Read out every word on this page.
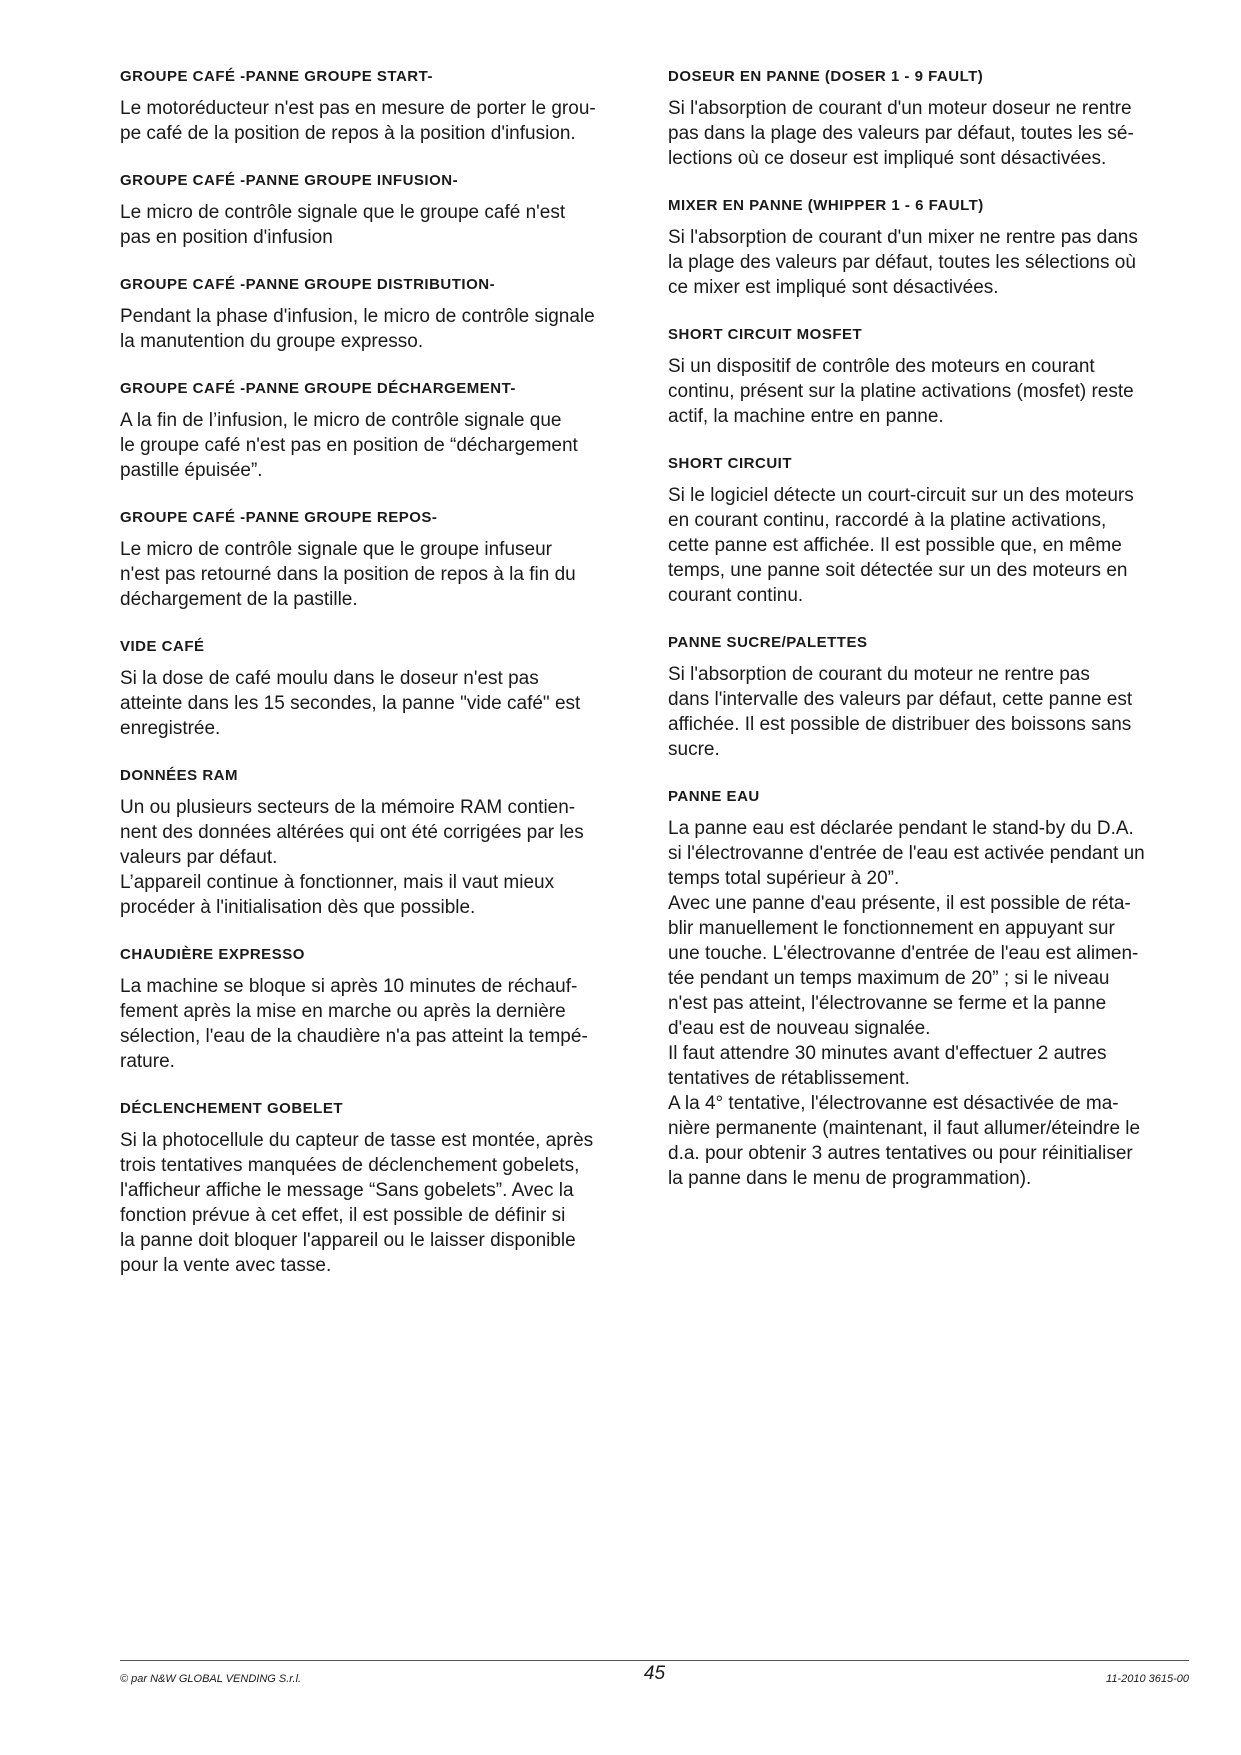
GROUPE CAFÉ -PANNE GROUPE START-

Le motoréducteur n'est pas en mesure de porter le grou-
pe café de la position de repos à la position d'infusion.

GROUPE CAFÉ -PANNE GROUPE INFUSION-

Le micro de contrôle signale que le groupe café n'est
pas en position d'infusion

GROUPE CAFÉ -PANNE GROUPE DISTRIBUTION-

Pendant la phase d'infusion, le micro de contrôle signale
la manutention du groupe expresso.

GROUPE CAFÉ -PANNE GROUPE DÉCHARGEMENT-

A la fin de l’infusion, le micro de contrôle signale que
le groupe café n'est pas en position de “déchargement
pastille épuisée”.

GROUPE CAFÉ -PANNE GROUPE REPOS-

Le micro de contrôle signale que le groupe infuseur
n'est pas retourné dans la position de repos à la fin du
déchargement de la pastille.

VIDE CAFÉ

Si la dose de café moulu dans le doseur n'est pas
atteinte dans les 15 secondes, la panne "vide café" est
enregistrée.

DONNÉES RAM

Un ou plusieurs secteurs de la mémoire RAM contien-
nent des données altérées qui ont été corrigées par les
valeurs par défaut.
L’appareil continue à fonctionner, mais il vaut mieux
procéder à l'initialisation dès que possible.

CHAUDIÈRE EXPRESSO

La machine se bloque si après 10 minutes de réchauf-
fement après la mise en marche ou après la dernière
sélection, l'eau de la chaudière n'a pas atteint la tempé-
rature.

DÉCLENCHEMENT GOBELET

Si la photocellule du capteur de tasse est montée, après
trois tentatives manquées de déclenchement gobelets,
l'afficheur affiche le message “Sans gobelets”. Avec la
fonction prévue à cet effet, il est possible de définir si
la panne doit bloquer l'appareil ou le laisser disponible
pour la vente avec tasse.

DOSEUR EN PANNE (DOSER 1 - 9 FAULT)

Si l'absorption de courant d'un moteur doseur ne rentre
pas dans la plage des valeurs par défaut, toutes les sé-
lections où ce doseur est impliqué sont désactivées.

MIXER EN PANNE (WHIPPER 1 - 6 FAULT)

Si l'absorption de courant d'un mixer ne rentre pas dans
la plage des valeurs par défaut, toutes les sélections où
ce mixer est impliqué sont désactivées.

SHORT CIRCUIT MOSFET

Si un dispositif de contrôle des moteurs en courant
continu, présent sur la platine activations (mosfet) reste
actif, la machine entre en panne.

SHORT CIRCUIT

Si le logiciel détecte un court-circuit sur un des moteurs
en courant continu, raccordé à la platine activations,
cette panne est affichée. Il est possible que, en même
temps, une panne soit détectée sur un des moteurs en
courant continu.

PANNE SUCRE/PALETTES

Si l'absorption de courant du moteur ne rentre pas
dans l'intervalle des valeurs par défaut, cette panne est
affichée. Il est possible de distribuer des boissons sans
sucre.

PANNE EAU

La panne eau est déclarée pendant le stand-by du D.A.
si l'électrovanne d'entrée de l'eau est activée pendant un
temps total supérieur à 20”.
Avec une panne d'eau présente, il est possible de réta-
blir manuellement le fonctionnement en appuyant sur
une touche. L'électrovanne d'entrée de l'eau est alimen-
tée pendant un temps maximum de 20” ; si le niveau
n'est pas atteint, l'électrovanne se ferme et la panne
d'eau est de nouveau signalée.
Il faut attendre 30 minutes avant d'effectuer 2 autres
tentatives de rétablissement.
A la 4° tentative, l'électrovanne est désactivée de ma-
nière permanente (maintenant, il faut allumer/éteindre le
d.a. pour obtenir 3 autres tentatives ou pour réinitialiser
la panne dans le menu de programmation).

© par N&W GLOBAL VENDING S.r.l.	45	11-2010 3615-00
